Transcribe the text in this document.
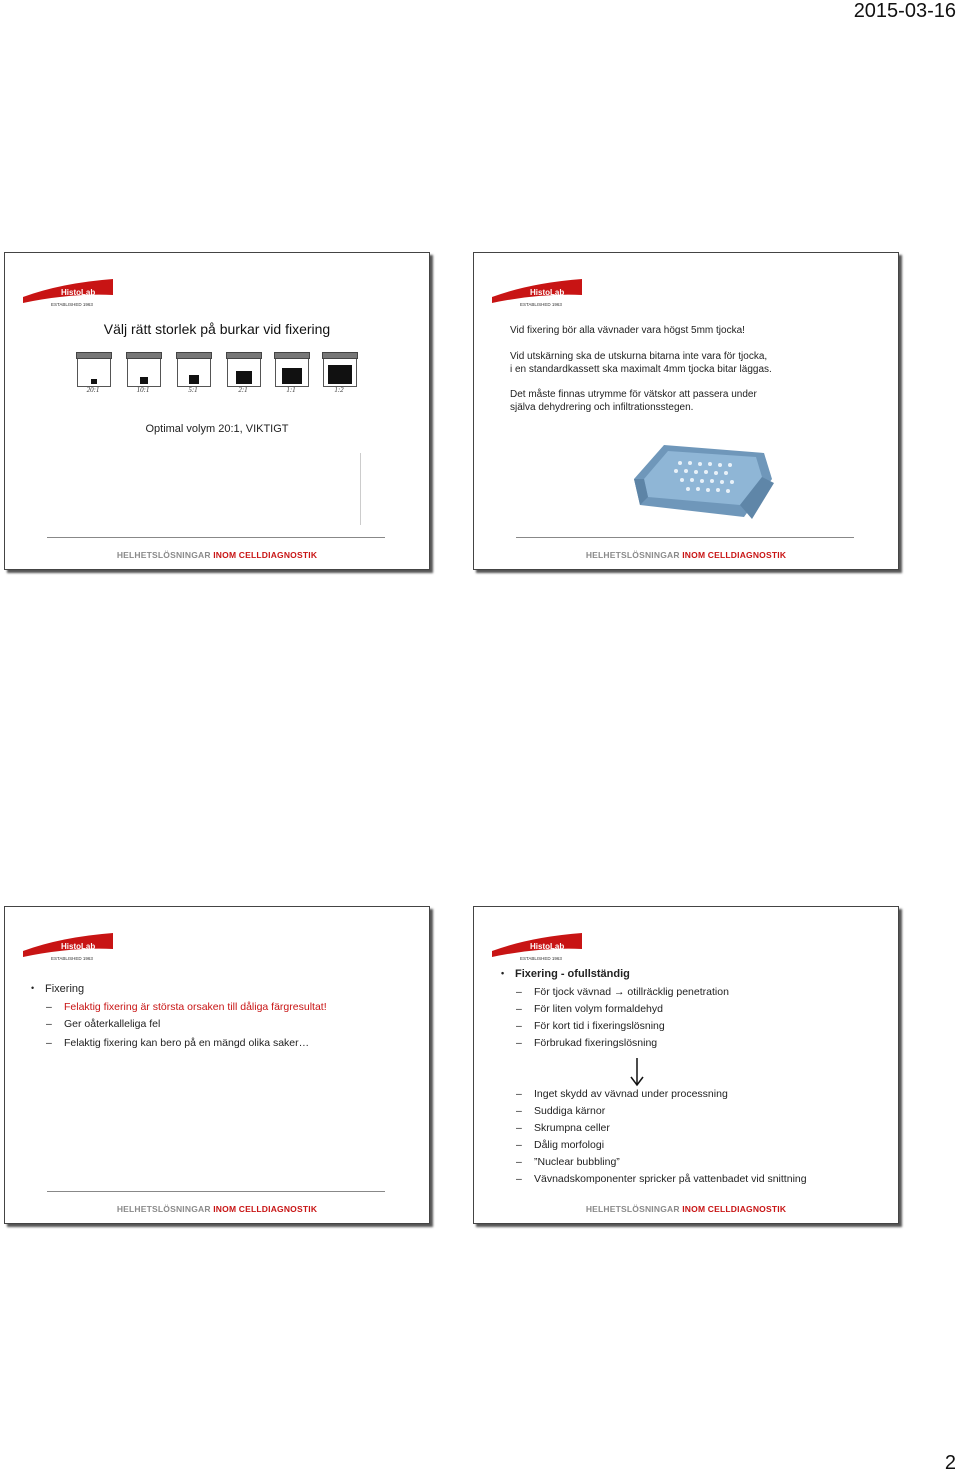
2015-03-16
HistoLab
ESTABLISHED 1963
Välj rätt storlek på burkar vid fixering
20:1	10:1	5:1	2:1	1:1	1:2
Optimal volym 20:1, VIKTIGT
HELHETSLÖSNINGAR INOM CELLDIAGNOSTIK
HistoLab
ESTABLISHED 1963
Vid fixering bör alla vävnader vara högst 5mm tjocka!
Vid utskärning ska de utskurna bitarna inte vara för tjocka,
i en standardkassett ska maximalt 4mm tjocka bitar läggas.
Det måste finnas utrymme för vätskor att passera under
själva dehydrering och infiltrationsstegen.
HELHETSLÖSNINGAR INOM CELLDIAGNOSTIK
HistoLab
ESTABLISHED 1963
• Fixering
– Felaktig fixering är största orsaken till dåliga färgresultat!
– Ger oåterkalleliga fel
– Felaktig fixering kan bero på en mängd olika saker…
HELHETSLÖSNINGAR INOM CELLDIAGNOSTIK
HistoLab
ESTABLISHED 1963
• Fixering - ofullständig
– För tjock vävnad → otillräcklig penetration
– För liten volym formaldehyd
– För kort tid i fixeringslösning
– Förbrukad fixeringslösning
– Inget skydd av vävnad under processning
– Suddiga kärnor
– Skrumpna celler
– Dålig morfologi
– ”Nuclear bubbling”
– Vävnadskomponenter spricker på vattenbadet vid snittning
HELHETSLÖSNINGAR INOM CELLDIAGNOSTIK
2
